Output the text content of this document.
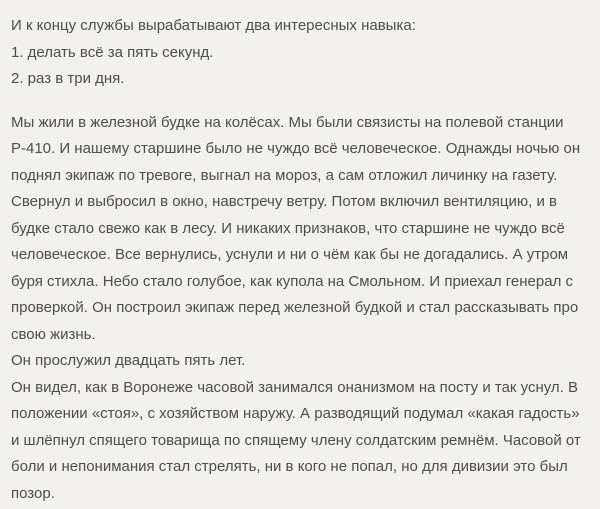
И к концу службы вырабатывают два интересных навыка:

1. делать всё за пять секунд.

2. раз в три дня.

Мы жили в железной будке на колёсах. Мы были связисты на полевой станции Р-410. И нашему старшине было не чуждо всё человеческое. Однажды ночью он поднял экипаж по тревоге, выгнал на мороз, а сам отложил личинку на газету. Свернул и выбросил в окно, навстречу ветру. Потом включил вентиляцию, и в будке стало свежо как в лесу. И никаких признаков, что старшине не чуждо всё человеческое. Все вернулись, уснули и ни о чём как бы не догадались. А утром буря стихла. Небо стало голубое, как купола на Смольном. И приехал генерал с проверкой. Он построил экипаж перед железной будкой и стал рассказывать про свою жизнь.

Он прослужил двадцать пять лет.

Он видел, как в Воронеже часовой занимался онанизмом на посту и так уснул. В положении «стоя», с хозяйством наружу. А разводящий подумал «какая гадость» и шлёпнул спящего товарища по спящему члену солдатским ремнём. Часовой от боли и непонимания стал стрелять, ни в кого не попал, но для дивизии это был позор.
